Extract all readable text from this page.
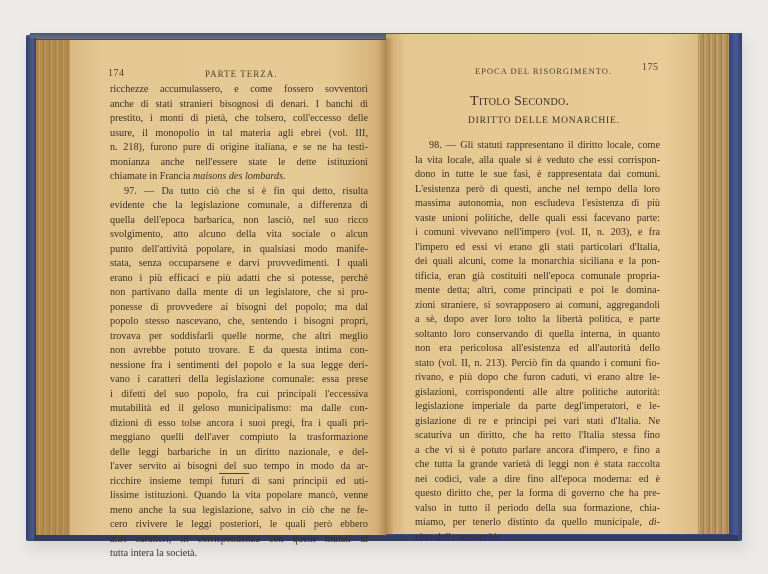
174	PARTE TERZA.
ricchezze accumulassero, e come fossero sovventori
anche di stati stranieri bisognosi di denari. I banchi di
prestito, i monti di pietà, che tolsero, coll'eccesso delle
usure, il monopolio in tal materia agli ebrei (vol. III,
n. 218), furono pure di origine italiana, e se ne ha testi-
monianza anche nell'essere state le dette istituzioni
chiamate in Francia maisons des lombards.
97. — Da tutto ciò che si è fin qui detto, risulta
evidente che la legislazione comunale, a differenza di
quella dell'epoca barbarica, non lasciò, nel suo ricco
svolgimento, atto alcuno della vita sociale o alcun
punto dell'attività popolare, in qualsiasi modo manife-
stata, senza occuparsene e darvi provvedimenti. I quali
erano i più efficaci e più adatti che si potesse, perchè
non partivano dalla mente di un legislatore, che si pro-
ponesse di provvedere ai bisogni del popolo; ma dal
popolo stesso nascevano, che, sentendo i bisogni propri,
trovava per soddisfarli quelle norme, che altri meglio
non avrebbe potuto trovare. E da questa intima con-
nessione fra i sentimenti del popolo e la sua legge deri-
vano i caratteri della legislazione comunale: essa prese
i difetti del suo popolo, fra cui principali l'eccessiva
mutabilità ed il geloso municipalismo: ma dalle con-
dizioni di esso tolse ancora i suoi pregi, fra i quali pri-
meggiano quelli dell'aver compiuto la trasformazione
delle leggi barbariche in un diritto nazionale, e del-
l'aver servito ai bisogni del suo tempo in modo da ar-
ricchire insieme tempi futuri di sani principii ed uti-
lissime istituzioni. Quando la vita popolare mancò, venne
meno anche la sua legislazione, salvo in ciò che ne fe-
cero rivivere le leggi posteriori, le quali però ebbero
altri caratteri, in corrispondenza con quelli mutati di
tutta intera la società.
EPOCA DEL RISORGIMENTO.	175
Titolo Secondo.
DIRITTO DELLE MONARCHIE.
98. — Gli statuti rappresentano il diritto locale, come
la vita locale, alla quale si è veduto che essi corrispon-
dono in tutte le sue fasi, è rappresentata dai comuni.
L'esistenza però di questi, anche nel tempo della loro
massima autonomia, non escludeva l'esistenza di più
vaste unioni politiche, delle quali essi facevano parte:
i comuni vivevano nell'impero (vol. II, n. 203), e fra
l'impero ed essi vi erano gli stati particolari d'Italia,
dei quali alcuni, come la monarchia siciliana e la pon-
tificia, eran già costituiti nell'epoca comunale propria-
mente detta; altri, come principati e poi le domina-
zioni straniere, si sovrapposero ai comuni, aggregandoli
a sè, dopo aver loro tolto la libertà politica, e parte
soltanto loro conservando di quella interna, in quanto
non era pericolosa all'esistenza ed all'autorità dello
stato (vol. II, n. 213). Perciò fin da quando i comuni fio-
rivano, e più dopo che furon caduti, vi erano altre le-
gislazioni, corrispondenti alle altre politiche autorità:
legislazione imperiale da parte degl'imperatori, e le-
gislazione di re e principi pei vari stati d'Italia. Ne
scaturiva un diritto, che ha retto l'Italia stessa fino
a che vi si è potuto parlare ancora d'impero, e fino a
che tutta la grande varietà di leggi non è stata raccolta
nei codici, vale a dire fino all'epoca moderna: ed è
questo diritto che, per la forma di governo che ha pre-
valso in tutto il periodo della sua formazione, chia-
miamo, per tenerlo distinto da quello municipale, di-
ritto delle monarchie.
